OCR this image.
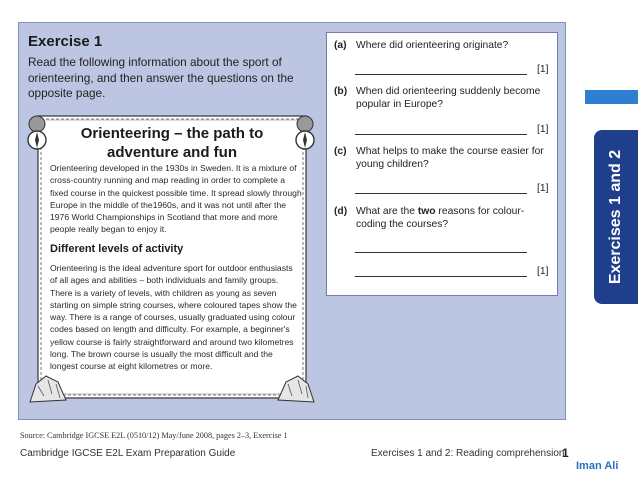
Exercise 1
Read the following information about the sport of orienteering, and then answer the questions on the opposite page.
Orienteering – the path to
adventure and fun
Orienteering developed in the 1930s in Sweden. It is a mixture of cross-country running and map reading in order to complete a fixed course in the quickest possible time. It spread slowly through Europe in the middle of the1960s, and it was not until after the 1976 World Championships in Scotland that more and more people really began to enjoy it.
Different levels of activity
Orienteering is the ideal adventure sport for outdoor enthusiasts of all ages and abilities – both individuals and family groups. There is a variety of levels, with children as young as seven starting on simple string courses, where coloured tapes show the way. There is a range of courses, usually graduated using colour codes based on length and difficulty. For example, a beginner's yellow course is fairly straightforward and around two kilometres long. The brown course is usually the most difficult and the longest course at eight kilometres or more.
(a) Where did orienteering originate?
[1]
(b) When did orienteering suddenly become popular in Europe?
[1]
(c) What helps to make the course easier for young children?
[1]
(d) What are the two reasons for colour-coding the courses?
[1]	Exercises 1 and 2
Source: Cambridge IGCSE E2L (0510/12) May/June 2008, pages 2–3, Exercise 1
Cambridge IGCSE E2L Exam Preparation Guide	Exercises 1 and 2: Reading comprehension
1
Iman Ali
